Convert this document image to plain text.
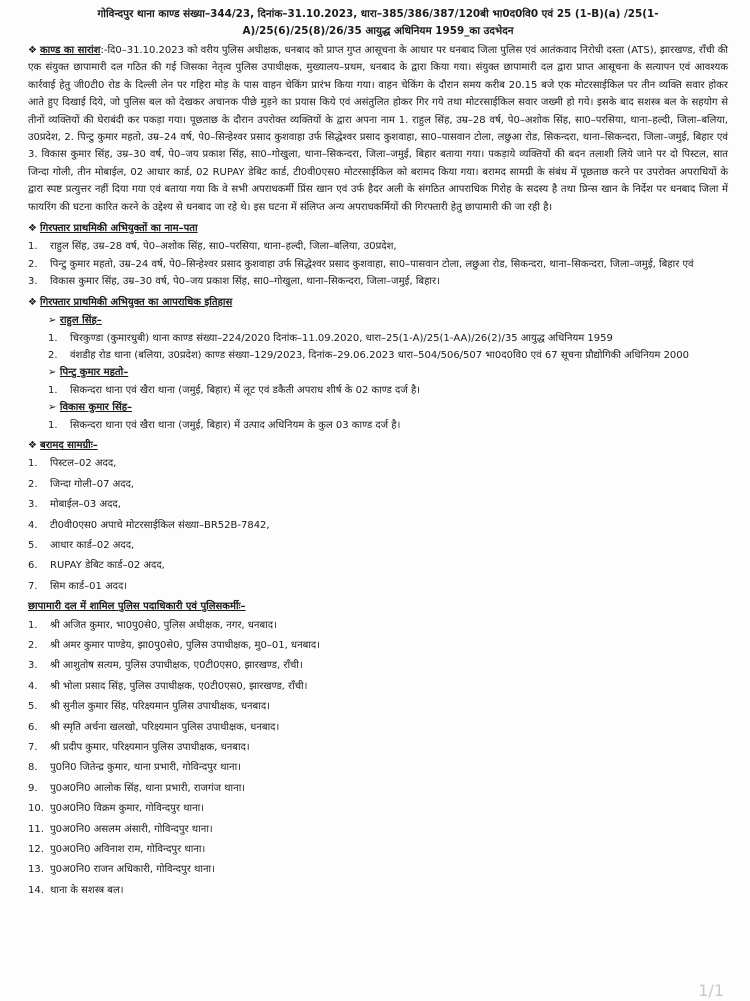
गोविन्दपुर थाना काण्ड संख्या–344/23, दिनांक–31.10.2023, धारा–385/386/387/120बी भा0द0वि0 एवं 25 (1-B)(a) /25(1-
A)/25(6)/25(8)/26/35 आयुद्ध अधिनियम 1959_का उदभेदन
❖ काण्ड का सारांश:-दि0–31.10.2023 को वरीय पुलिस अधीक्षक, धनबाद को प्राप्त गुप्त आसूचना के आधार पर धनबाद जिला पुलिस एवं आतंकवाद निरोधी दस्ता (ATS), झारखण्ड, राँची की एक संयुक्त छापामारी दल गठित की गई जिसका नेतृत्व पुलिस उपाधीक्षक, मुख्यालय–प्रथम, धनबाद के द्वारा किया गया। संयुक्त छापामारी दल द्वारा प्राप्त आसूचना के सत्यापन एवं आवश्यक कार्रवाई हेतु जी0टी0 रोड के दिल्ली लेन पर गहिरा मोड़ के पास वाहन चेकिंग प्रारंभ किया गया। वाहन चेकिंग के दौरान समय करीब 20.15 बजे एक मोटरसाईकिल पर तीन व्यक्ति सवार होकर आते हुए दिखाई दिये, जो पुलिस बल को देखकर अचानक पीछे मुड़ने का प्रयास किये एवं असंतुलित होकर गिर गये तथा मोटरसाईकिल सवार जख्मी हो गये। इसके बाद सशस्त्र बल के सहयोग से तीनों व्यक्तियों की घेराबंदी कर पकड़ा गया। पूछताछ के दौरान उपरोक्त व्यक्तियों के द्वारा अपना नाम 1. राहुल सिंह, उम्र–28 वर्ष, पे0–अशोक सिंह, सा0–परसिया, थाना–हल्दी, जिला–बलिया, उ0प्रदेश, 2. पिन्टु कुमार महतो, उम्र–24 वर्ष, पे0–सिन्हेश्वर प्रसाद कुशवाहा उर्फ सिद्धेश्वर प्रसाद कुशवाहा, सा0–पासवान टोला, लछुआ रोड, सिकन्दरा, थाना–सिकन्दरा, जिला–जमुई, बिहार एवं 3. विकास कुमार सिंह, उम्र–30 वर्ष, पे0–जय प्रकाश सिंह, सा0–गोखुला, थाना–सिकन्दरा, जिला–जमुई, बिहार बताया गया। पकड़ाये व्यक्तियों की बदन तलाशी लिये जाने पर दो पिस्टल, सात जिन्दा गोली, तीन मोबाईल, 02 आधार कार्ड, 02 RUPAY डेबिट कार्ड, टी0वी0एस0 मोटरसाईकिल को बरामद किया गया। बरामद सामग्री के संबंध में पूछताछ करने पर उपरोक्त अपराधियों के द्वारा स्पष्ट प्रत्युत्तर नहीं दिया गया एवं बताया गया कि वे सभी अपराधकर्मी प्रिंस खान एवं उर्फ हैदर अली के संगठित आपराधिक गिरोह के सदस्य है तथा प्रिन्स खान के निर्देश पर धनबाद जिला में फायरिंग की घटना कारित करने के उद्देश्य से धनबाद जा रहे थे। इस घटना में संलिप्त अन्य अपराधकर्मियों की गिरफ्तारी हेतु छापामारी की जा रही है।
❖ गिरफ्तार प्राथमिकी अभियुक्तों का नाम–पता
1.	राहुल सिंह, उम्र–28 वर्ष, पे0–अशोक सिंह, सा0–परसिया, थाना–हल्दी, जिला–बलिया, उ0प्रदेश,
2.	पिन्टु कुमार महतो, उम्र–24 वर्ष, पे0–सिन्हेश्वर प्रसाद कुशवाहा उर्फ सिद्धेश्वर प्रसाद कुशवाहा, सा0–पासवान टोला, लछुआ रोड, सिकन्दरा, थाना–सिकन्दरा, जिला–जमुई, बिहार एवं
3.	विकास कुमार सिंह, उम्र–30 वर्ष, पे0–जय प्रकाश सिंह, सा0–गोखुला, थाना–सिकन्दरा, जिला–जमुई, बिहार।
❖ गिरफ्तार प्राथमिकी अभियुक्त का आपराधिक इतिहास
➢ राहुल सिंह–
1.	चिरकुण्डा (कुमारधुबी) थाना काण्ड संख्या–224/2020 दिनांक–11.09.2020, धारा–25(1-A)/25(1-AA)/26(2)/35 आयुद्ध अधिनियम 1959
2.	वंशडीह रोड थाना (बलिया, उ0प्रदेश) काण्ड संख्या–129/2023, दिनांक–29.06.2023 धारा–504/506/507 भा0द0वि0 एवं 67 सूचना प्रौद्योगिकी अधिनियम 2000
➢ पिन्टु कुमार महतो–
1.	सिकन्दरा थाना एवं खैरा थाना (जमुई, बिहार) में लूट एवं डकैती अपराध शीर्ष के 02 काण्ड दर्ज है।
➢ विकास कुमार सिंह–
1.	सिकन्दरा थाना एवं खैरा थाना (जमुई, बिहार) में उत्पाद अधिनियम के कुल 03 काण्ड दर्ज है।
❖ बरामद सामग्रीः–
1.	पिस्टल–02 अदद,
2.	जिन्दा गोली–07 अदद,
3.	मोबाईल–03 अदद,
4.	टी0वी0एस0 अपाचे मोटरसाईकिल संख्या–BR52B-7842,
5.	आधार कार्ड–02 अदद,
6.	RUPAY डेबिट कार्ड–02 अदद,
7.	सिम कार्ड–01 अदद।
छापामारी दल में शामिल पुलिस पदाधिकारी एवं पुलिसकर्मीः–
1.	श्री अजित कुमार, भा0पु0से0, पुलिस अधीक्षक, नगर, धनबाद।
2.	श्री अमर कुमार पाण्डेय, झा0पु0से0, पुलिस उपाधीक्षक, मु0–01, धनबाद।
3.	श्री आशुतोष सत्यम, पुलिस उपाधीक्षक, ए0टी0एस0, झारखण्ड, राँची।
4.	श्री भोला प्रसाद सिंह, पुलिस उपाधीक्षक, ए0टी0एस0, झारखण्ड, राँची।
5.	श्री सुनील कुमार सिंह, परिक्ष्यमान पुलिस उपाधीक्षक, धनबाद।
6.	श्री स्मृति अर्चना खलखो, परिक्ष्यमान पुलिस उपाधीक्षक, धनबाद।
7.	श्री प्रदीप कुमार, परिक्ष्यमान पुलिस उपाधीक्षक, धनबाद।
8.	पु0नि0 जितेन्द्र कुमार, थाना प्रभारी, गोविन्दपुर थाना।
9.	पु0अ0नि0 आलोक सिंह, थाना प्रभारी, राजगंज थाना।
10. पु0अ0नि0 विक्रम कुमार, गोविन्दपुर थाना।
11. पु0अ0नि0 असलम अंसारी, गोविन्दपुर थाना।
12. पु0अ0नि0 अविनाश राम, गोविन्दपुर थाना।
13. पु0अ0नि0 राजन अधिकारी, गोविन्दपुर थाना।
14. थाना के सशस्त्र बल।
1/1
